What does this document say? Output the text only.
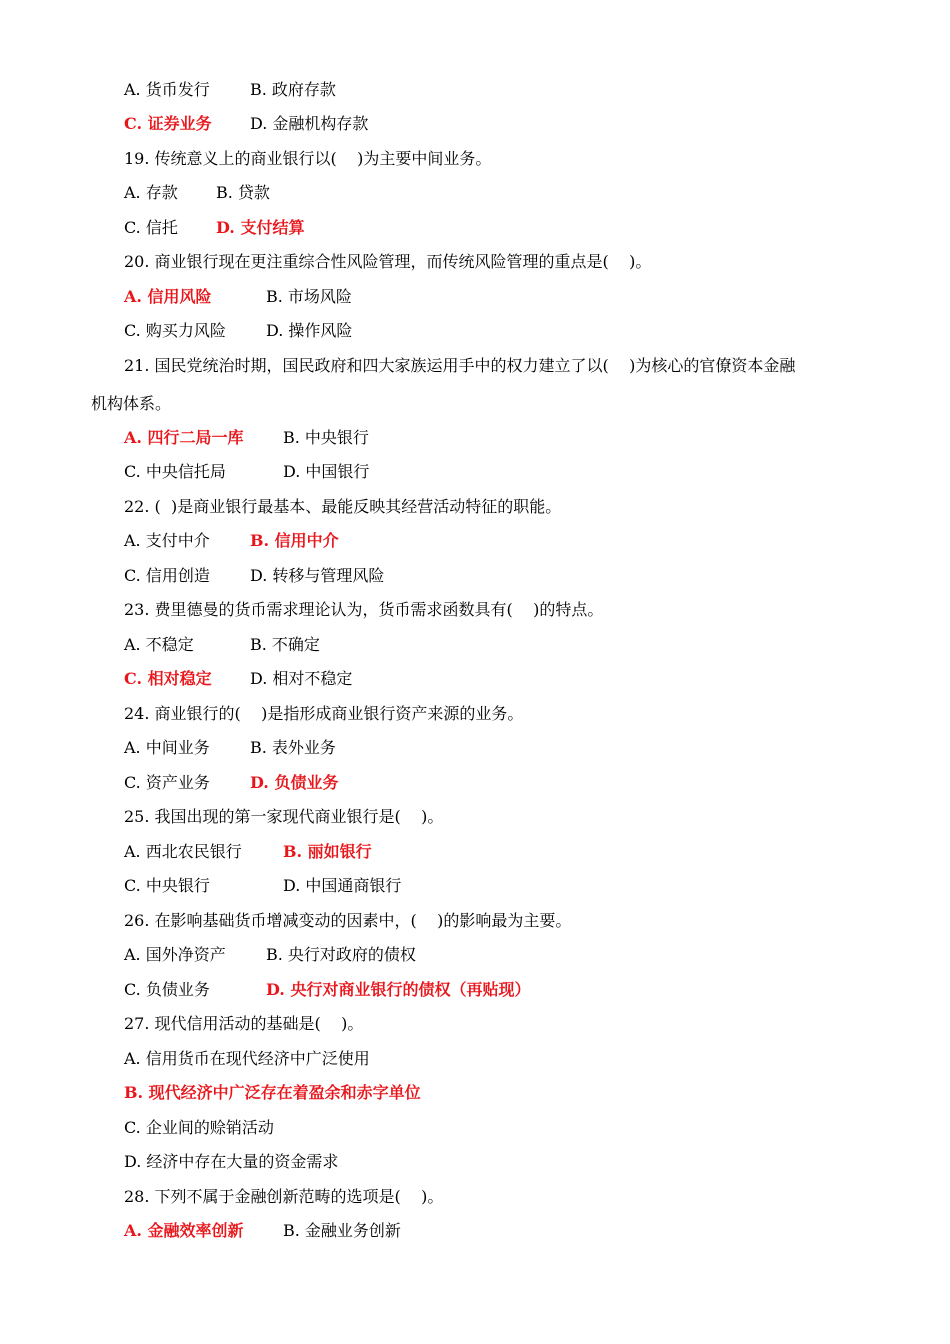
A. 货币发行	B. 政府存款
C. 证券业务 D. 金融机构存款
19. 传统意义上的商业银行以(    )为主要中间业务。
A. 存款 B. 贷款
C. 信托 D. 支付结算
20. 商业银行现在更注重综合性风险管理，而传统风险管理的重点是(    )。
A. 信用风险	B. 市场风险
C. 购买力风险	D. 操作风险
21. 国民党统治时期，国民政府和四大家族运用手中的权力建立了以(    )为核心的官僚资本金融
机构体系。
A. 四行二局一库 B. 中央银行
C. 中央信托局	D. 中国银行
22. (  )是商业银行最基本、最能反映其经营活动特征的职能。
A. 支付中介	B. 信用中介
C. 信用创造	D. 转移与管理风险
23. 费里德曼的货币需求理论认为，货币需求函数具有(    )的特点。
A. 不稳定	B. 不确定
C. 相对稳定 D. 相对不稳定
24. 商业银行的(    )是指形成商业银行资产来源的业务。
A. 中间业务	B. 表外业务
C. 资产业务	D. 负债业务
25. 我国出现的第一家现代商业银行是(    )。
A. 西北农民银行	B. 丽如银行
C. 中央银行	D. 中国通商银行
26. 在影响基础货币增减变动的因素中，(    )的影响最为主要。
A. 国外净资产	B. 央行对政府的债权
C. 负债业务	D. 央行对商业银行的债权（再贴现）
27. 现代信用活动的基础是(    )。
A. 信用货币在现代经济中广泛使用
B. 现代经济中广泛存在着盈余和赤字单位
C. 企业间的赊销活动
D. 经济中存在大量的资金需求
28. 下列不属于金融创新范畴的选项是(    )。
A. 金融效率创新 B. 金融业务创新
